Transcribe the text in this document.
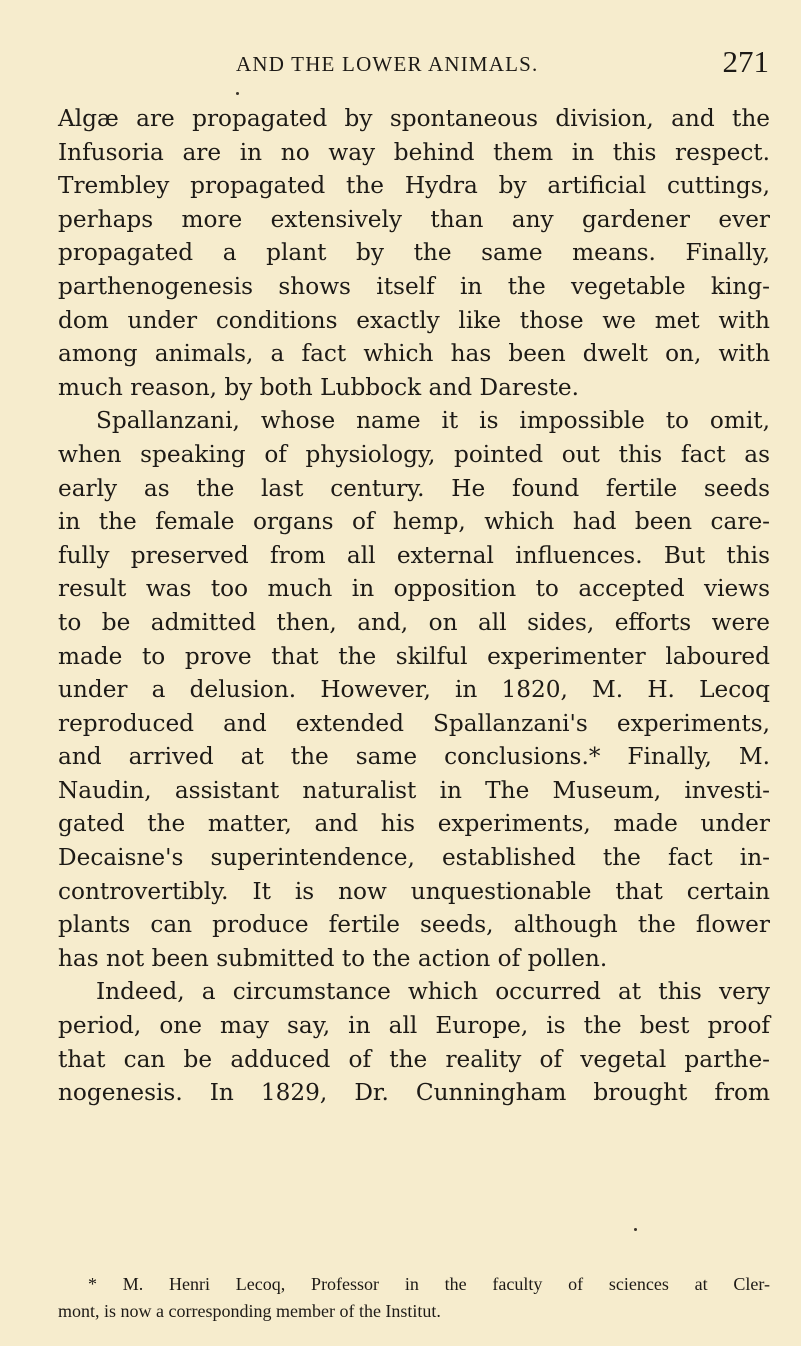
AND THE LOWER ANIMALS.	271
Algæ are propagated by spontaneous division, and the
Infusoria are in no way behind them in this respect.
Trembley propagated the Hydra by artificial cuttings,
perhaps more extensively than any gardener ever
propagated a plant by the same means. Finally,
parthenogenesis shows itself in the vegetable king-
dom under conditions exactly like those we met with
among animals, a fact which has been dwelt on, with
much reason, by both Lubbock and Dareste.
Spallanzani, whose name it is impossible to omit,
when speaking of physiology, pointed out this fact as
early as the last century. He found fertile seeds
in the female organs of hemp, which had been care-
fully preserved from all external influences. But this
result was too much in opposition to accepted views
to be admitted then, and, on all sides, efforts were
made to prove that the skilful experimenter laboured
under a delusion. However, in 1820, M. H. Lecoq
reproduced and extended Spallanzani's experiments,
and arrived at the same conclusions.* Finally, M.
Naudin, assistant naturalist in The Museum, investi-
gated the matter, and his experiments, made under
Decaisne's superintendence, established the fact in-
controvertibly. It is now unquestionable that certain
plants can produce fertile seeds, although the flower
has not been submitted to the action of pollen.
Indeed, a circumstance which occurred at this very
period, one may say, in all Europe, is the best proof
that can be adduced of the reality of vegetal parthe-
nogenesis. In 1829, Dr. Cunningham brought from
* M. Henri Lecoq, Professor in the faculty of sciences at Cler-
mont, is now a corresponding member of the Institut.
